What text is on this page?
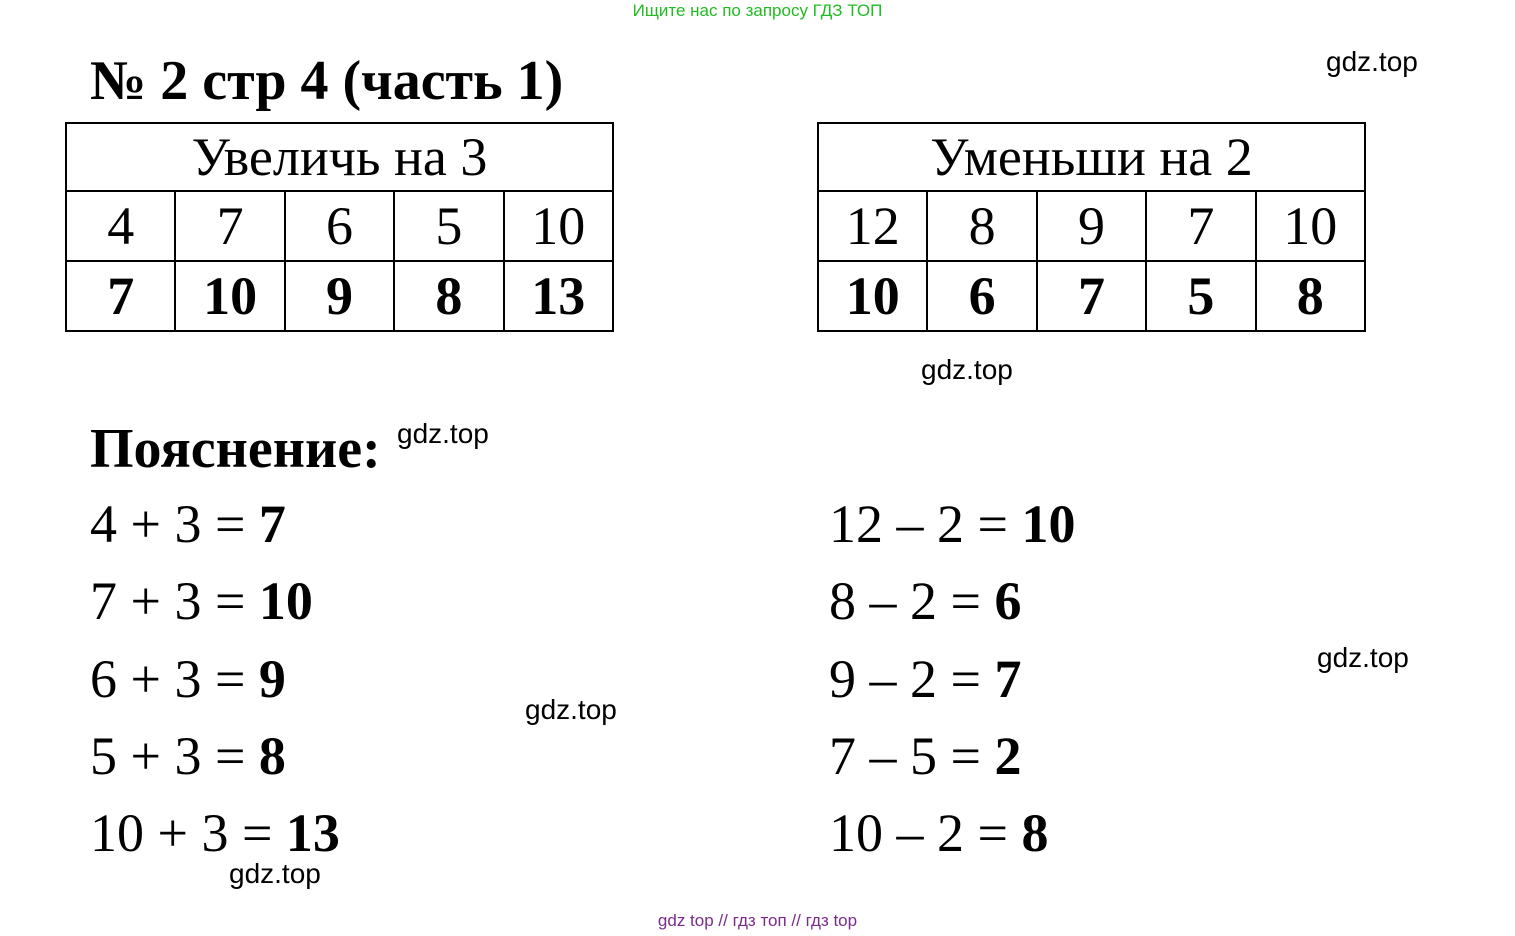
Ищите нас по запросу ГДЗ ТОП
№ 2 стр 4 (часть 1)	gdz.top
Увеличь на 3				
4	7	6	5	10
7	10	9	8	13
Уменьши на 2				
12	8	9	7	10
10	6	7	5	8
gdz.top
Пояснение: gdz.top
4 + 3 = 7
7 + 3 = 10
6 + 3 = 9
5 + 3 = 8
10 + 3 = 13
12 – 2 = 10
8 – 2 = 6
9 – 2 = 7
7 – 5 = 2
10 – 2 = 8
gdz.top
gdz.top
gdz.top
gdz top // гдз топ // гдз top
